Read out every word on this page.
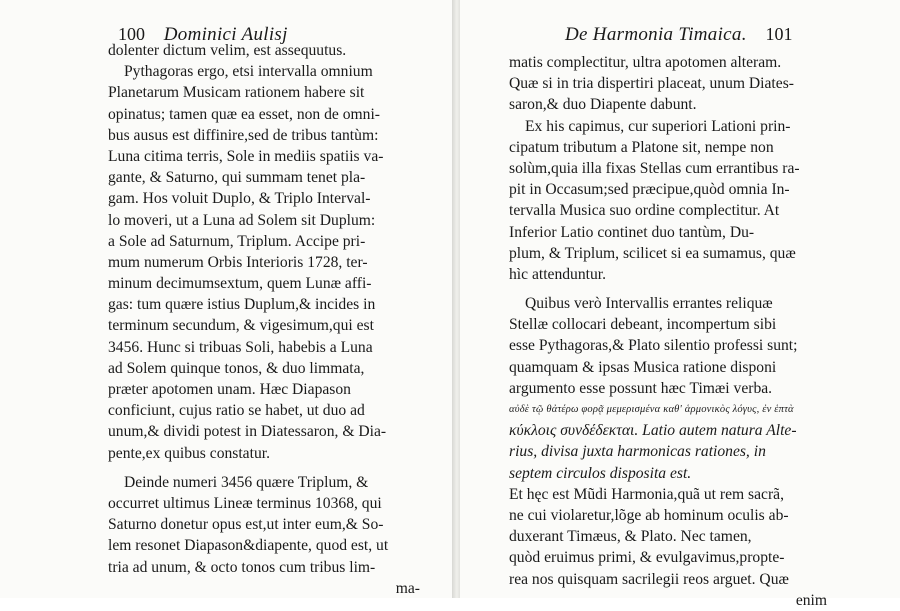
100 Dominici Aulisj	De Harmonia Timaica. 101
dolenter dictum velim, est assequutus.
Pythagoras ergo, etsi intervalla omnium
Planetarum Musicam rationem habere sit
opinatus; tamen quæ ea esset, non de omni-
bus ausus est diffinire,sed de tribus tantùm:
Luna citima terris, Sole in mediis spatiis va-
gante, & Saturno, qui summam tenet pla-
gam. Hos voluit Duplo, & Triplo Interval-
lo moveri, ut a Luna ad Solem sit Duplum:
a Sole ad Saturnum, Triplum. Accipe pri-
mum numerum Orbis Interioris 1728, ter-
minum decimumsextum, quem Lunæ affi-
gas: tum quære istius Duplum,& incides in
terminum secundum, & vigesimum,qui est
3456. Hunc si tribuas Soli, habebis a Luna
ad Solem quinque tonos, & duo limmata,
præter apotomen unam. Hæc Diapason
conficiunt, cujus ratio se habet, ut duo ad
unum,& dividi potest in Diatessaron, & Dia-
pente,ex quibus constatur.
Deinde numeri 3456 quære Triplum, &
occurret ultimus Lineæ terminus 10368, qui
Saturno donetur opus est,ut inter eum,& So-
lem resonet Diapason&diapente, quod est, ut
tria ad unum, & octo tonos cum tribus lim-
ma-
matis complectitur, ultra apotomen alteram.
Quæ si in tria dispertiri placeat, unum Diates-
saron,& duo Diapente dabunt.
Ex his capimus, cur superiori Lationi prin-
cipatum tributum a Platone sit, nempe non
solùm,quia illa fixas Stellas cum errantibus ra-
pit in Occasum;sed præcipue,quòd omnia In-
tervalla Musica suo ordine complectitur. At
Inferior Latio continet duo tantùm, Du-
plum, & Triplum, scilicet si ea sumamus, quæ
hìc attenduntur.
Quibus verò Intervallis errantes reliquæ
Stellæ collocari debeant, incompertum sibi
esse Pythagoras,& Plato silentio professi sunt;
quamquam & ipsas Musica ratione disponi
argumento esse possunt hæc Timæi verba.
αὐδὲ τῷ θἀτέρω φορᾷ μεμερισμένα καθ' ἁρμονικὸς λόγυς, ἐν ἑπτὰ
κύκλοις συνδέδεκται. Latio autem natura Alte-
rius, divisa juxta harmonicas rationes, in
septem circulos disposita est.
Et hęc est Mũdi Harmonia,quã ut rem sacrã,
ne cui violaretur,lõge ab hominum oculis ab-
duxerant Timæus, & Plato. Nec tamen,
quòd eruimus primi, & evulgavimus,propte-
rea nos quisquam sacrilegii reos arguet. Quæ
enim
